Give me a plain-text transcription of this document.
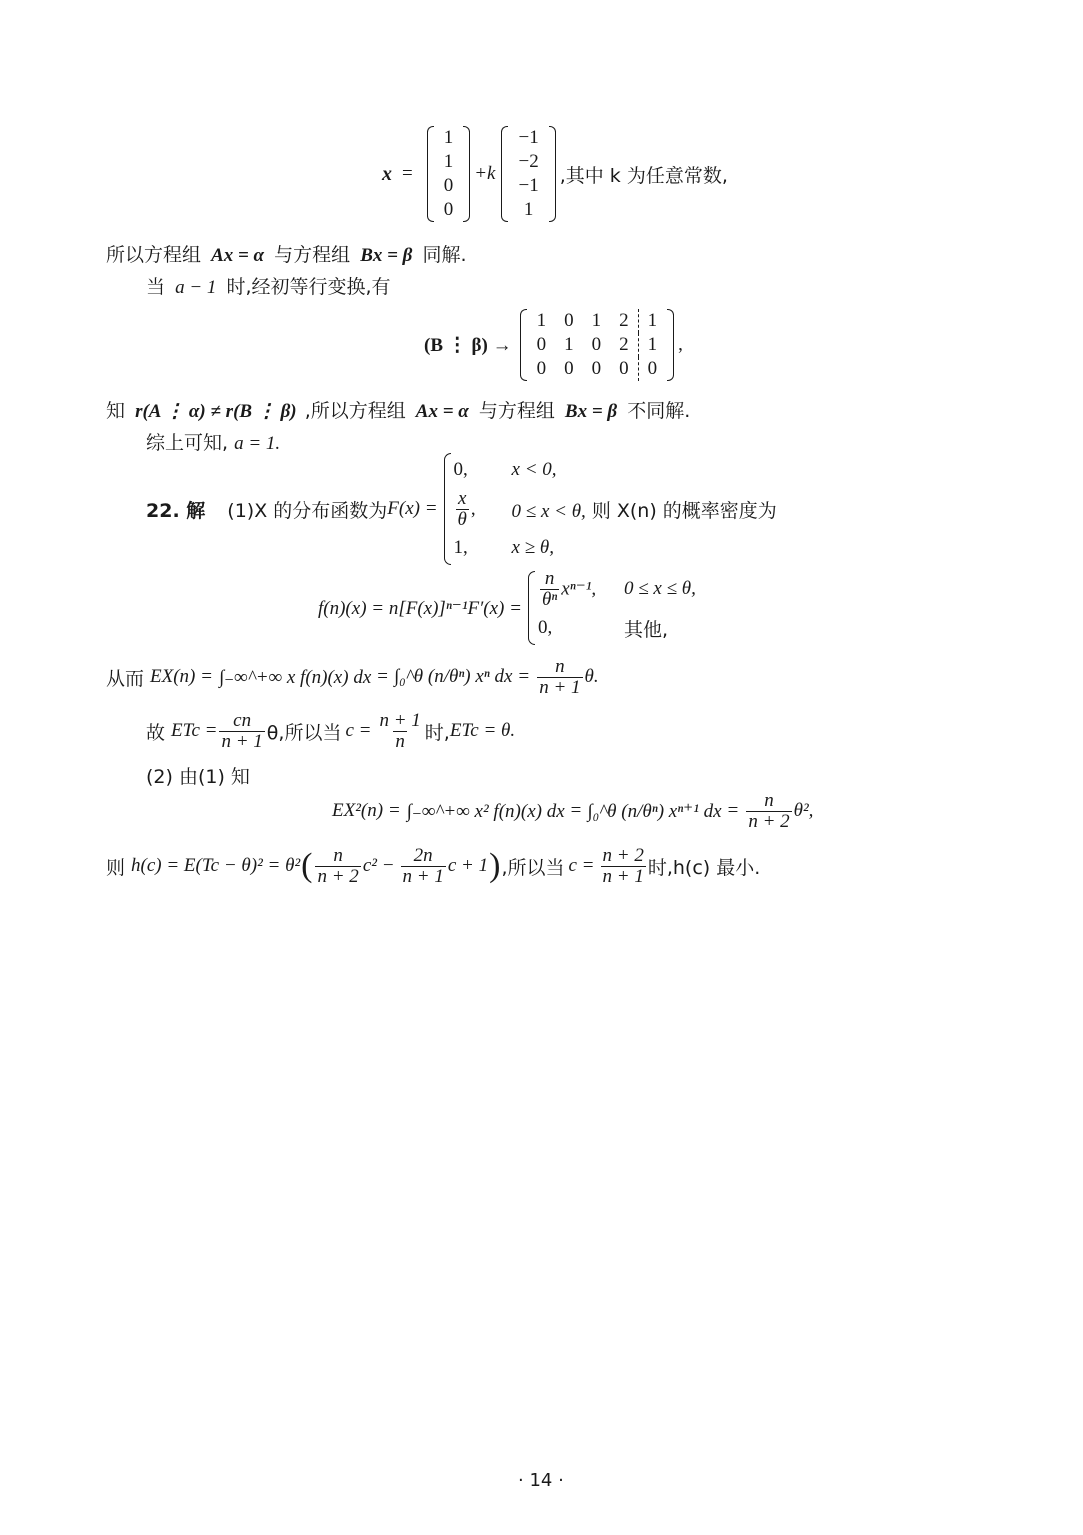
x =
1
1
0
0
+k
−1
−2
−1
1
,其中 k 为任意常数,
所以方程组 Ax = α 与方程组 Bx = β 同解.
当 a − 1 时,经初等行变换,有
(B ⋮ β) →
1	0	1	2	1
0	1	0	2	1
0	0	0	0	0
,
知 r(A ⋮ α) ≠ r(B ⋮ β) ,所以方程组 Ax = α 与方程组 Bx = β 不同解.
综上可知, a = 1.
22. 解 (1)X 的分布函数为 F(x) =
0,	x < 0,

$\frac{x}{\theta}$ ,	0 ≤ x < θ, 则 X(n) 的概率密度为
1,	x ≥ θ,
$f(n)(x) = n[F(x)]^{n-1}F'(x) = \frac{n}{\text{θⁿ}} x^{n-1}$,	0 ≤ x ≤ θ,
0,	其他,
从而 EX(n) = ∫₋∞^+∞ x f(n)(x) dx = ∫₀^θ (n/θⁿ) xⁿ dx = $\frac{n}{n + 1} \theta$.
故 ETc = $\frac{cn}{n + 1} \theta$,所以当 $c = \frac{n + 1}{n}$ 时, ETc = θ.
(2) 由(1) 知
EX²(n) = ∫₋∞^+∞ x² f(n)(x) dx = ∫₀^θ (n/θⁿ) xⁿ⁺¹ dx = $\frac{n}{n + 2} \theta^2$,
则 h(c) = E(Tc − θ)² = θ² ( $\frac{n}{n + 2} c^2 - \frac{2n}{n + 1}$ c + 1 ) ,所以当 $c = \frac{n + 2}{n + 1}$ 时,h(c) 最小.
· 14 ·
